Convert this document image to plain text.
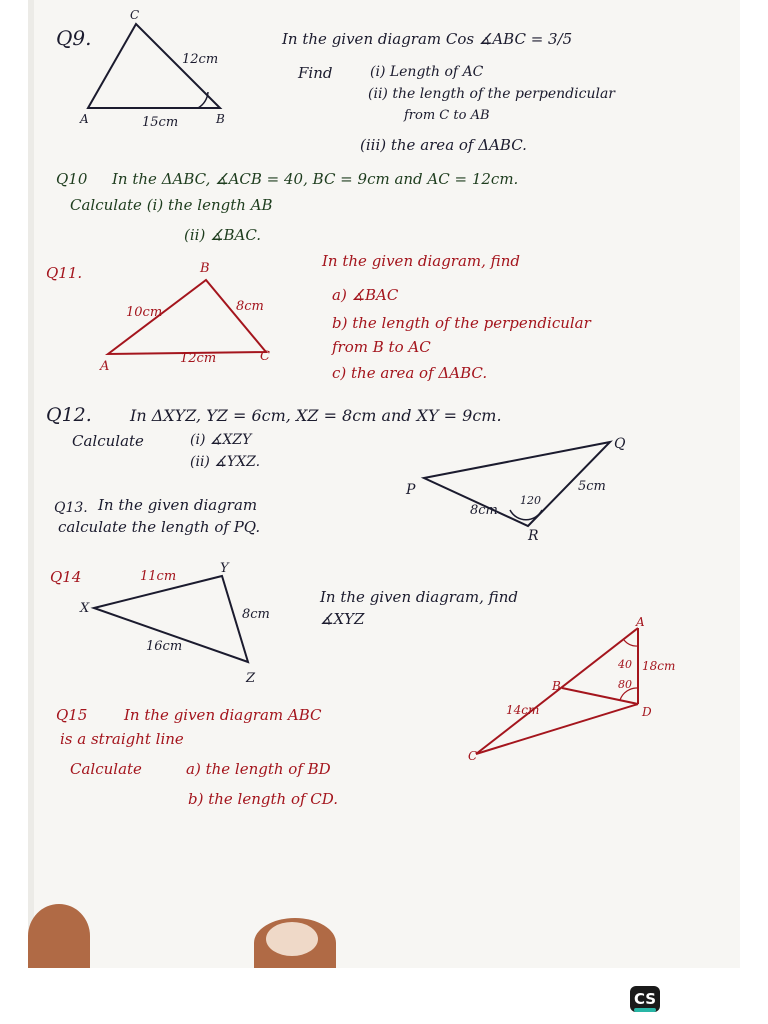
Q9.
C
A	B
12cm
15cm
In the given diagram Cos ∡ABC = 3/5
Find	(i) Length of AC
(ii) the length of the perpendicular
from C to AB
(iii) the area of ΔABC.
Q10 In the ΔABC, ∡ACB = 40, BC = 9cm and AC = 12cm.
Calculate (i) the length AB
(ii) ∡BAC.
Q11.	B
A
C
10cm	8cm
12cm
In the given diagram, find
a) ∡BAC
b) the length of the perpendicular
from B to AC
c) the area of ΔABC.
Q12. In ΔXYZ, YZ = 6cm, XZ = 8cm and XY = 9cm.
Calculate	(i) ∡XZY
(ii) ∡YXZ.
Q13. In the given diagram
calculate the length of PQ.
P
Q
R
8cm
5cm
120
Q14	Y
X
Z
11cm
8cm
16cm
In the given diagram, find
∡XYZ
Q15 In the given diagram ABC
is a straight line
Calculate	a) the length of BD
b) the length of CD.
A
B
C
D
18cm
14cm
40
80
CS
